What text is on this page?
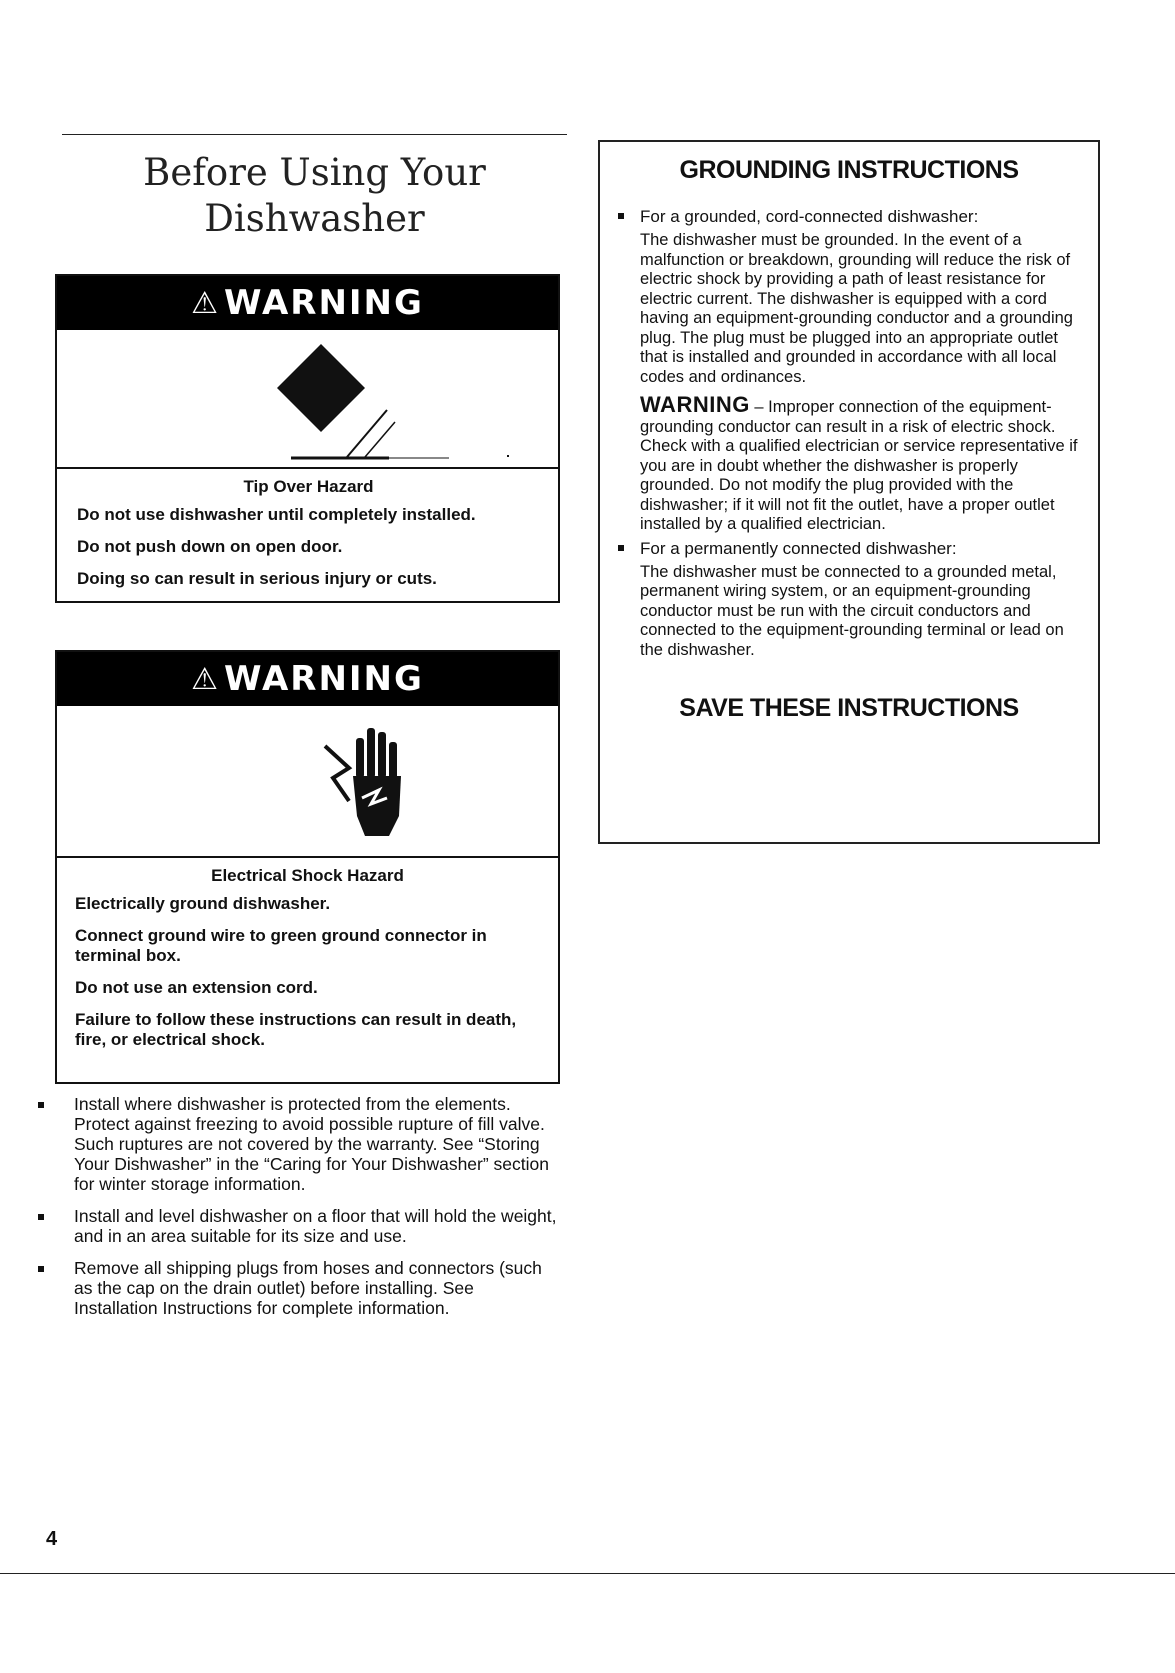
Before Using Your
Dishwasher
⚠ WARNING
Tip Over Hazard

Do not use dishwasher until completely installed.

Do not push down on open door.

Doing so can result in serious injury or cuts.

⚠ WARNING
Electrical Shock Hazard

Electrically ground dishwasher.

Connect ground wire to green ground connector in terminal box.

Do not use an extension cord.

Failure to follow these instructions can result in death, fire, or electrical shock.

Install where dishwasher is protected from the elements. Protect against freezing to avoid possible rupture of fill valve. Such ruptures are not covered by the warranty. See “Storing Your Dishwasher” in the “Caring for Your Dishwasher” section for winter storage information.
Install and level dishwasher on a floor that will hold the weight, and in an area suitable for its size and use.
Remove all shipping plugs from hoses and connectors (such as the cap on the drain outlet) before installing. See Installation Instructions for complete information.
GROUNDING INSTRUCTIONS
For a grounded, cord-connected dishwasher:
The dishwasher must be grounded. In the event of a malfunction or breakdown, grounding will reduce the risk of electric shock by providing a path of least resistance for electric current. The dishwasher is equipped with a cord having an equipment-grounding conductor and a grounding plug. The plug must be plugged into an appropriate outlet that is installed and grounded in accordance with all local codes and ordinances.
WARNING – Improper connection of the equipment-grounding conductor can result in a risk of electric shock. Check with a qualified electrician or service representative if you are in doubt whether the dishwasher is properly grounded. Do not modify the plug provided with the dishwasher; if it will not fit the outlet, have a proper outlet installed by a qualified electrician.
For a permanently connected dishwasher:
The dishwasher must be connected to a grounded metal, permanent wiring system, or an equipment-grounding conductor must be run with the circuit conductors and connected to the equipment-grounding terminal or lead on the dishwasher.
SAVE THESE INSTRUCTIONS
4
